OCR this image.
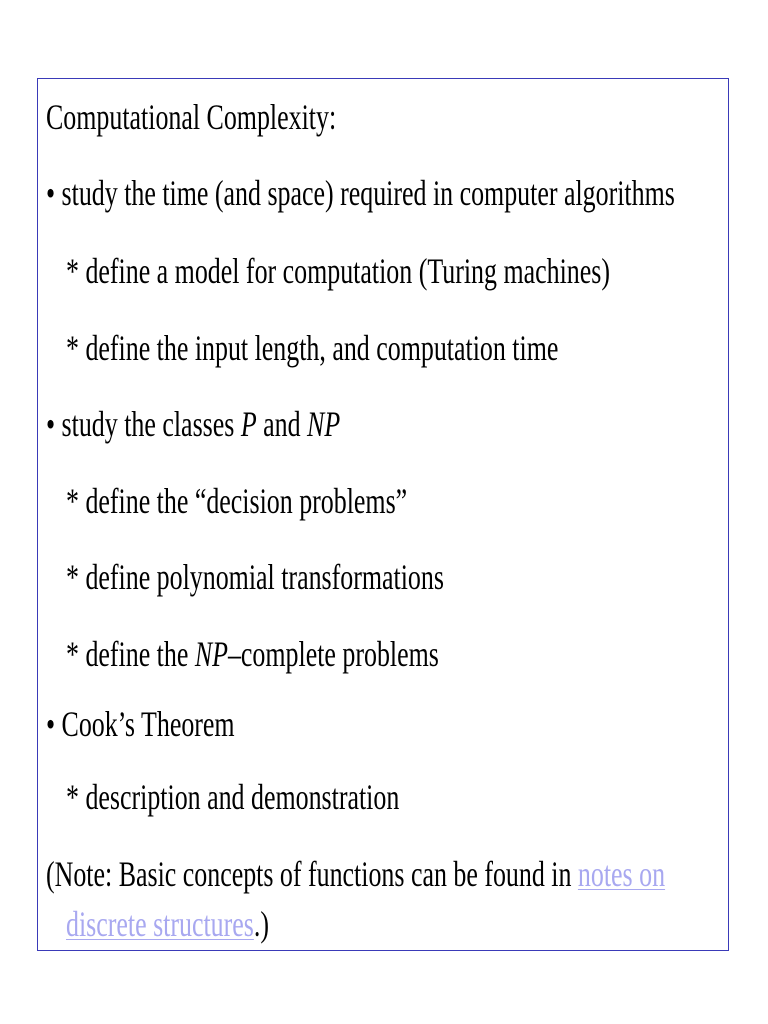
Computational Complexity:
• study the time (and space) required in computer algorithms
* define a model for computation (Turing machines)
* define the input length, and computation time
• study the classes P and NP
* define the “decision problems”
* define polynomial transformations
* define the NP–complete problems
• Cook’s Theorem
* description and demonstration
(Note: Basic concepts of functions can be found in notes on
discrete structures.)
